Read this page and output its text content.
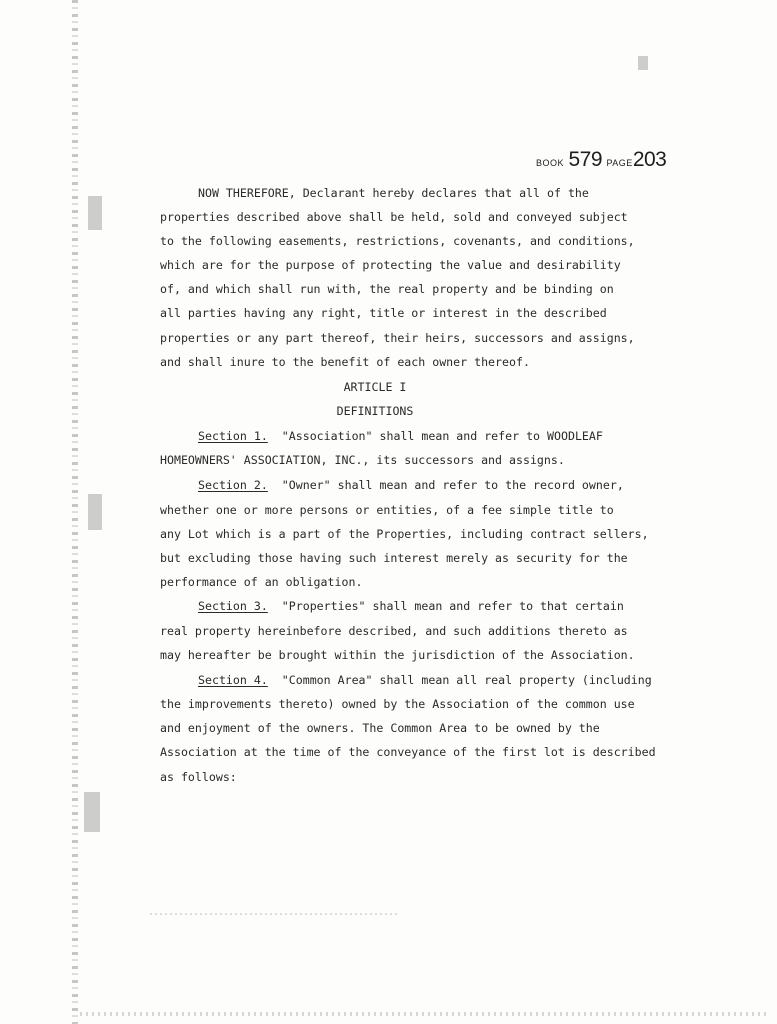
BOOK 579 PAGE203
NOW THEREFORE, Declarant hereby declares that all of the
properties described above shall be held, sold and conveyed subject
to the following easements, restrictions, covenants, and conditions,
which are for the purpose of protecting the value and desirability
of, and which shall run with, the real property and be binding on
all parties having any right, title or interest in the described
properties or any part thereof, their heirs, successors and assigns,
and shall inure to the benefit of each owner thereof.
ARTICLE I
DEFINITIONS
Section 1. "Association" shall mean and refer to WOODLEAF
HOMEOWNERS' ASSOCIATION, INC., its successors and assigns.
Section 2. "Owner" shall mean and refer to the record owner,
whether one or more persons or entities, of a fee simple title to
any Lot which is a part of the Properties, including contract sellers,
but excluding those having such interest merely as security for the
performance of an obligation.
Section 3. "Properties" shall mean and refer to that certain
real property hereinbefore described, and such additions thereto as
may hereafter be brought within the jurisdiction of the Association.
Section 4. "Common Area" shall mean all real property (including
the improvements thereto) owned by the Association of the common use
and enjoyment of the owners. The Common Area to be owned by the
Association at the time of the conveyance of the first lot is described
as follows:
